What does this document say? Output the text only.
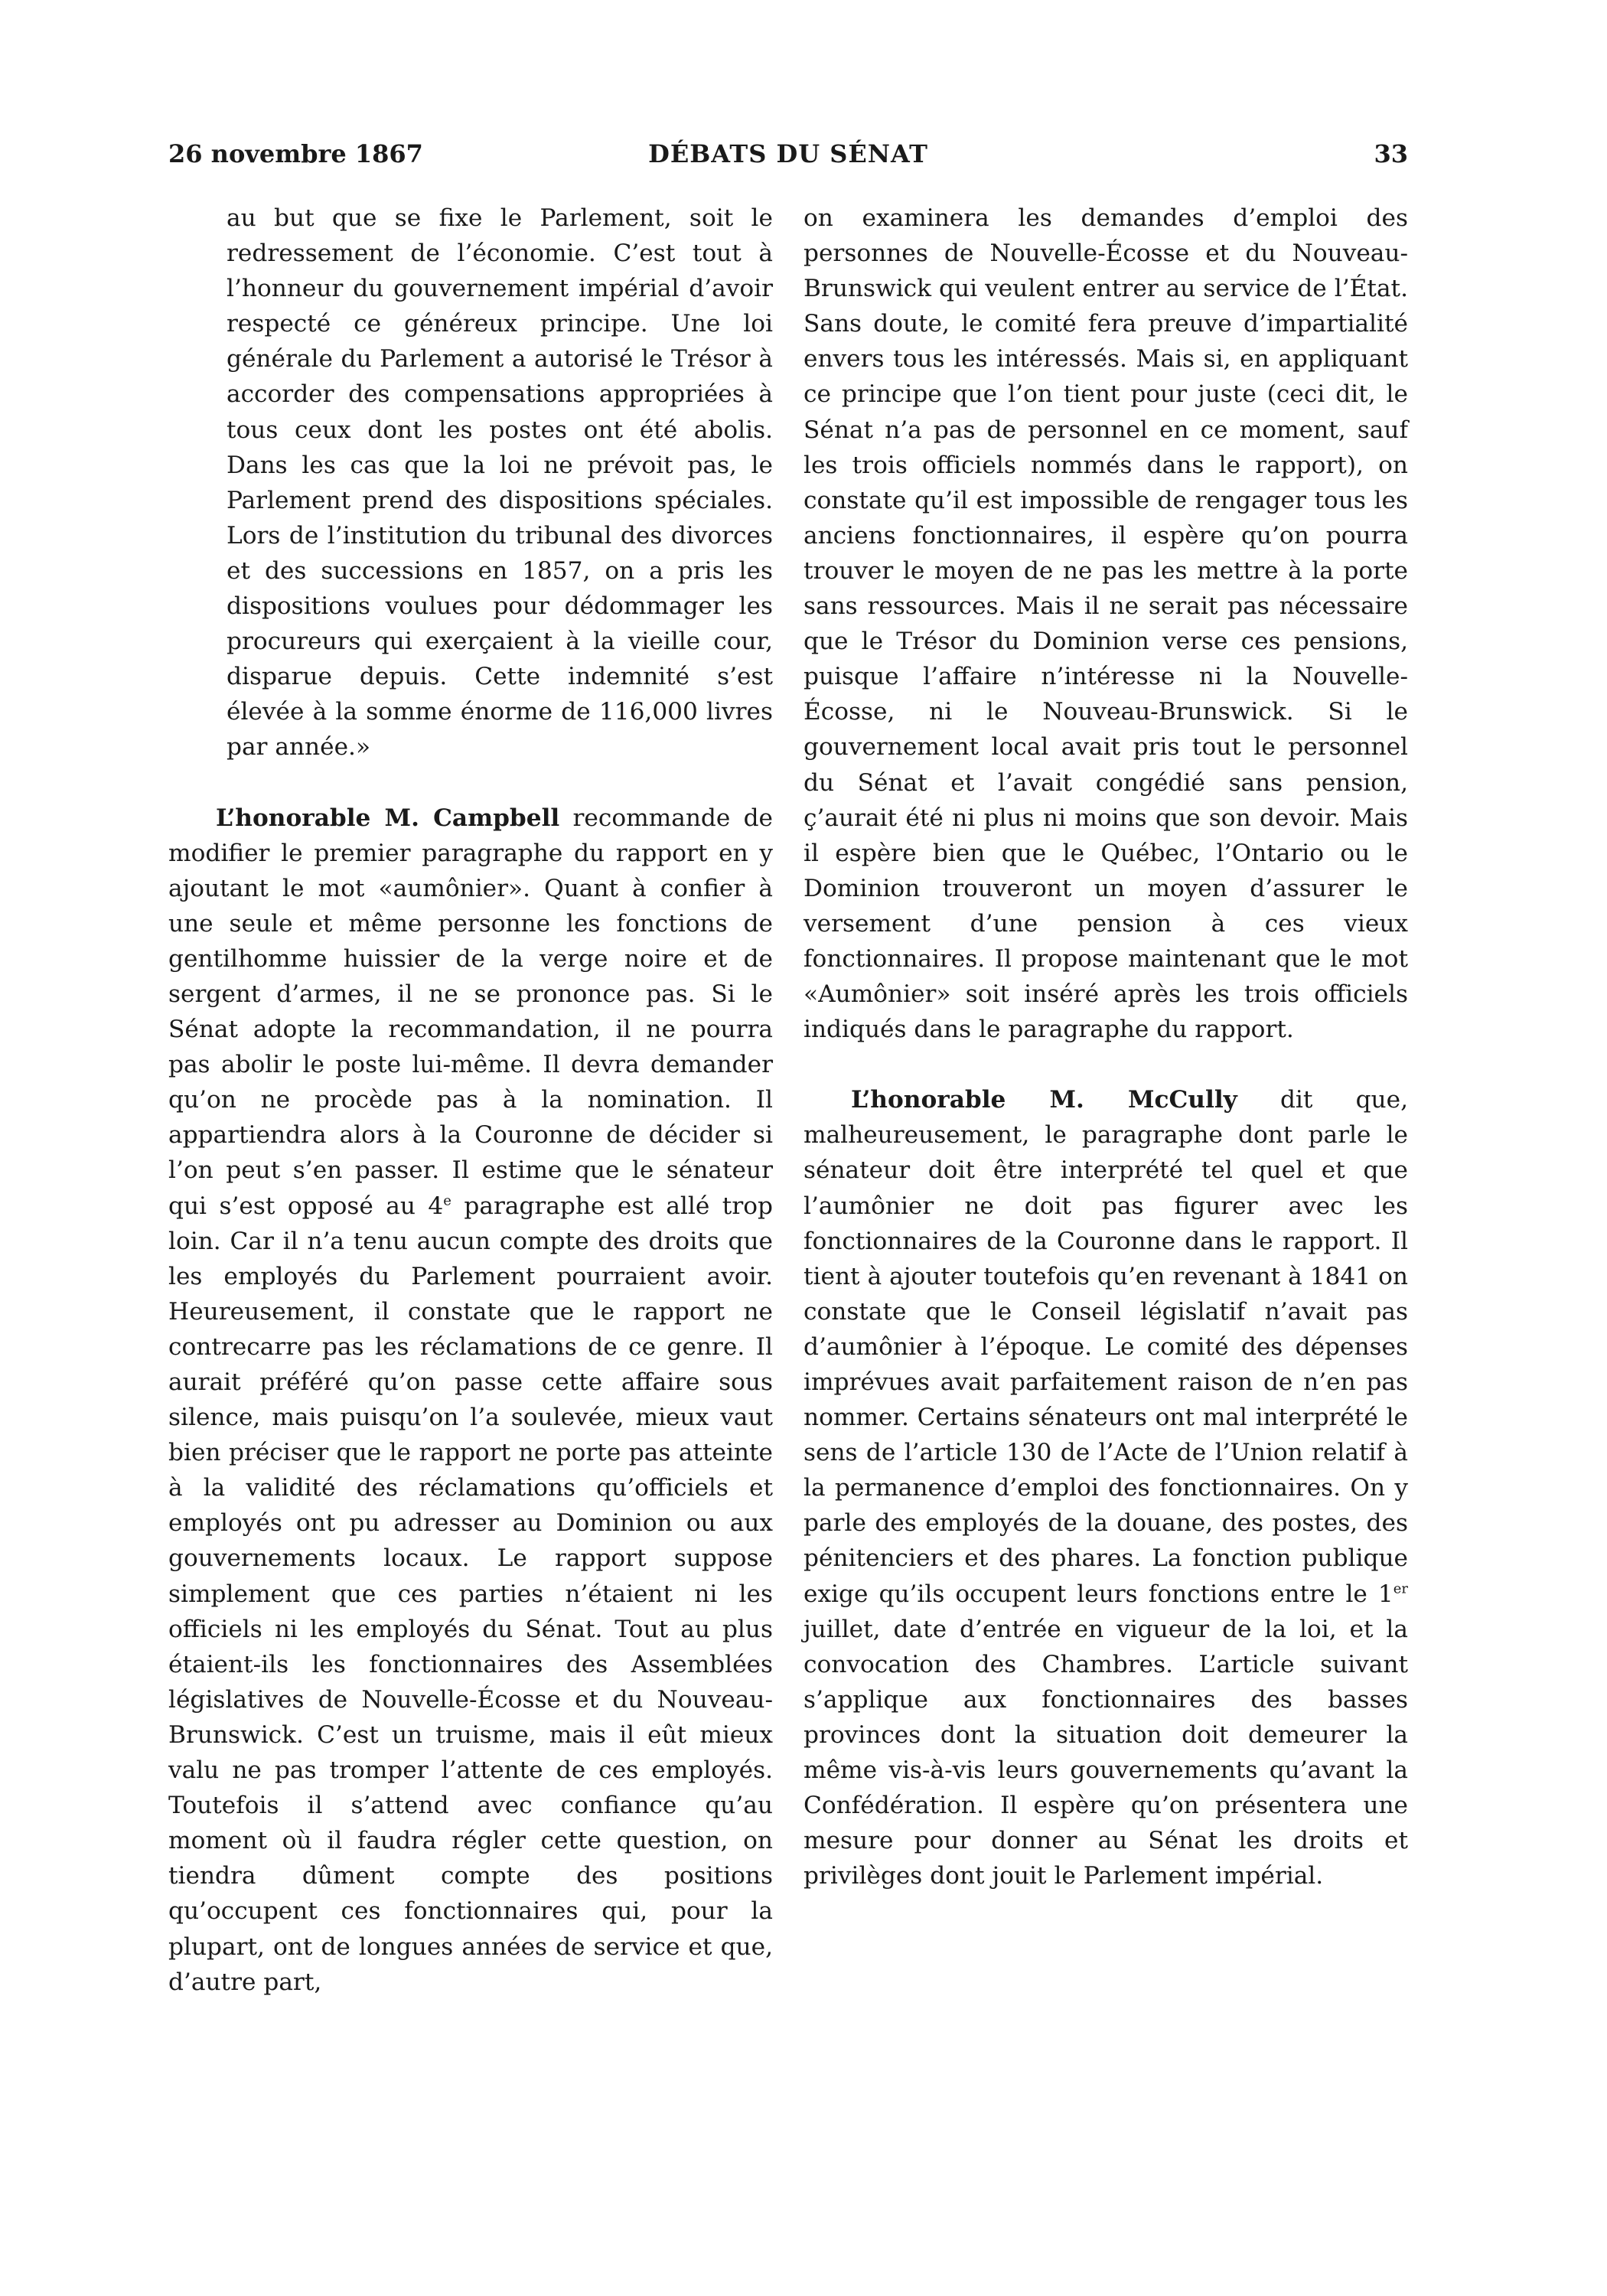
26 novembre 1867	DÉBATS DU SÉNAT	33

au but que se fixe le Parlement, soit le redressement de l’économie. C’est tout à l’honneur du gouvernement impérial d’avoir respecté ce généreux principe. Une loi générale du Parlement a autorisé le Trésor à accorder des compensations appropriées à tous ceux dont les postes ont été abolis. Dans les cas que la loi ne prévoit pas, le Parlement prend des dispositions spéciales. Lors de l’institution du tribunal des divorces et des successions en 1857, on a pris les dispositions voulues pour dédommager les procureurs qui exerçaient à la vieille cour, disparue depuis. Cette indemnité s’est élevée à la somme énorme de 116,000 livres par année.»

L’honorable M. Campbell recommande de modifier le premier paragraphe du rapport en y ajoutant le mot «aumônier». Quant à confier à une seule et même personne les fonctions de gentilhomme huissier de la verge noire et de sergent d’armes, il ne se prononce pas. Si le Sénat adopte la recommandation, il ne pourra pas abolir le poste lui-même. Il devra demander qu’on ne procède pas à la nomination. Il appartiendra alors à la Couronne de décider si l’on peut s’en passer. Il estime que le sénateur qui s’est opposé au 4e paragraphe est allé trop loin. Car il n’a tenu aucun compte des droits que les employés du Parlement pourraient avoir. Heureusement, il constate que le rapport ne contrecarre pas les réclamations de ce genre. Il aurait préféré qu’on passe cette affaire sous silence, mais puisqu’on l’a soulevée, mieux vaut bien préciser que le rapport ne porte pas atteinte à la validité des réclamations qu’officiels et employés ont pu adresser au Dominion ou aux gouvernements locaux. Le rapport suppose simplement que ces parties n’étaient ni les officiels ni les employés du Sénat. Tout au plus étaient-ils les fonctionnaires des Assemblées législatives de Nouvelle-Écosse et du Nouveau-Brunswick. C’est un truisme, mais il eût mieux valu ne pas tromper l’attente de ces employés. Toutefois il s’attend avec confiance qu’au moment où il faudra régler cette question, on tiendra dûment compte des positions qu’occupent ces fonctionnaires qui, pour la plupart, ont de longues années de service et que, d’autre part,

on examinera les demandes d’emploi des personnes de Nouvelle-Écosse et du Nouveau-Brunswick qui veulent entrer au service de l’État. Sans doute, le comité fera preuve d’impartialité envers tous les intéressés. Mais si, en appliquant ce principe que l’on tient pour juste (ceci dit, le Sénat n’a pas de personnel en ce moment, sauf les trois officiels nommés dans le rapport), on constate qu’il est impossible de rengager tous les anciens fonctionnaires, il espère qu’on pourra trouver le moyen de ne pas les mettre à la porte sans ressources. Mais il ne serait pas nécessaire que le Trésor du Dominion verse ces pensions, puisque l’affaire n’intéresse ni la Nouvelle-Écosse, ni le Nouveau-Brunswick. Si le gouvernement local avait pris tout le personnel du Sénat et l’avait congédié sans pension, ç’aurait été ni plus ni moins que son devoir. Mais il espère bien que le Québec, l’Ontario ou le Dominion trouveront un moyen d’assurer le versement d’une pension à ces vieux fonctionnaires. Il propose maintenant que le mot «Aumônier» soit inséré après les trois officiels indiqués dans le paragraphe du rapport.

L’honorable M. McCully dit que, malheureusement, le paragraphe dont parle le sénateur doit être interprété tel quel et que l’aumônier ne doit pas figurer avec les fonctionnaires de la Couronne dans le rapport. Il tient à ajouter toutefois qu’en revenant à 1841 on constate que le Conseil législatif n’avait pas d’aumônier à l’époque. Le comité des dépenses imprévues avait parfaitement raison de n’en pas nommer. Certains sénateurs ont mal interprété le sens de l’article 130 de l’Acte de l’Union relatif à la permanence d’emploi des fonctionnaires. On y parle des employés de la douane, des postes, des pénitenciers et des phares. La fonction publique exige qu’ils occupent leurs fonctions entre le 1er juillet, date d’entrée en vigueur de la loi, et la convocation des Chambres. L’article suivant s’applique aux fonctionnaires des basses provinces dont la situation doit demeurer la même vis-à-vis leurs gouvernements qu’avant la Confédération. Il espère qu’on présentera une mesure pour donner au Sénat les droits et privilèges dont jouit le Parlement impérial.
